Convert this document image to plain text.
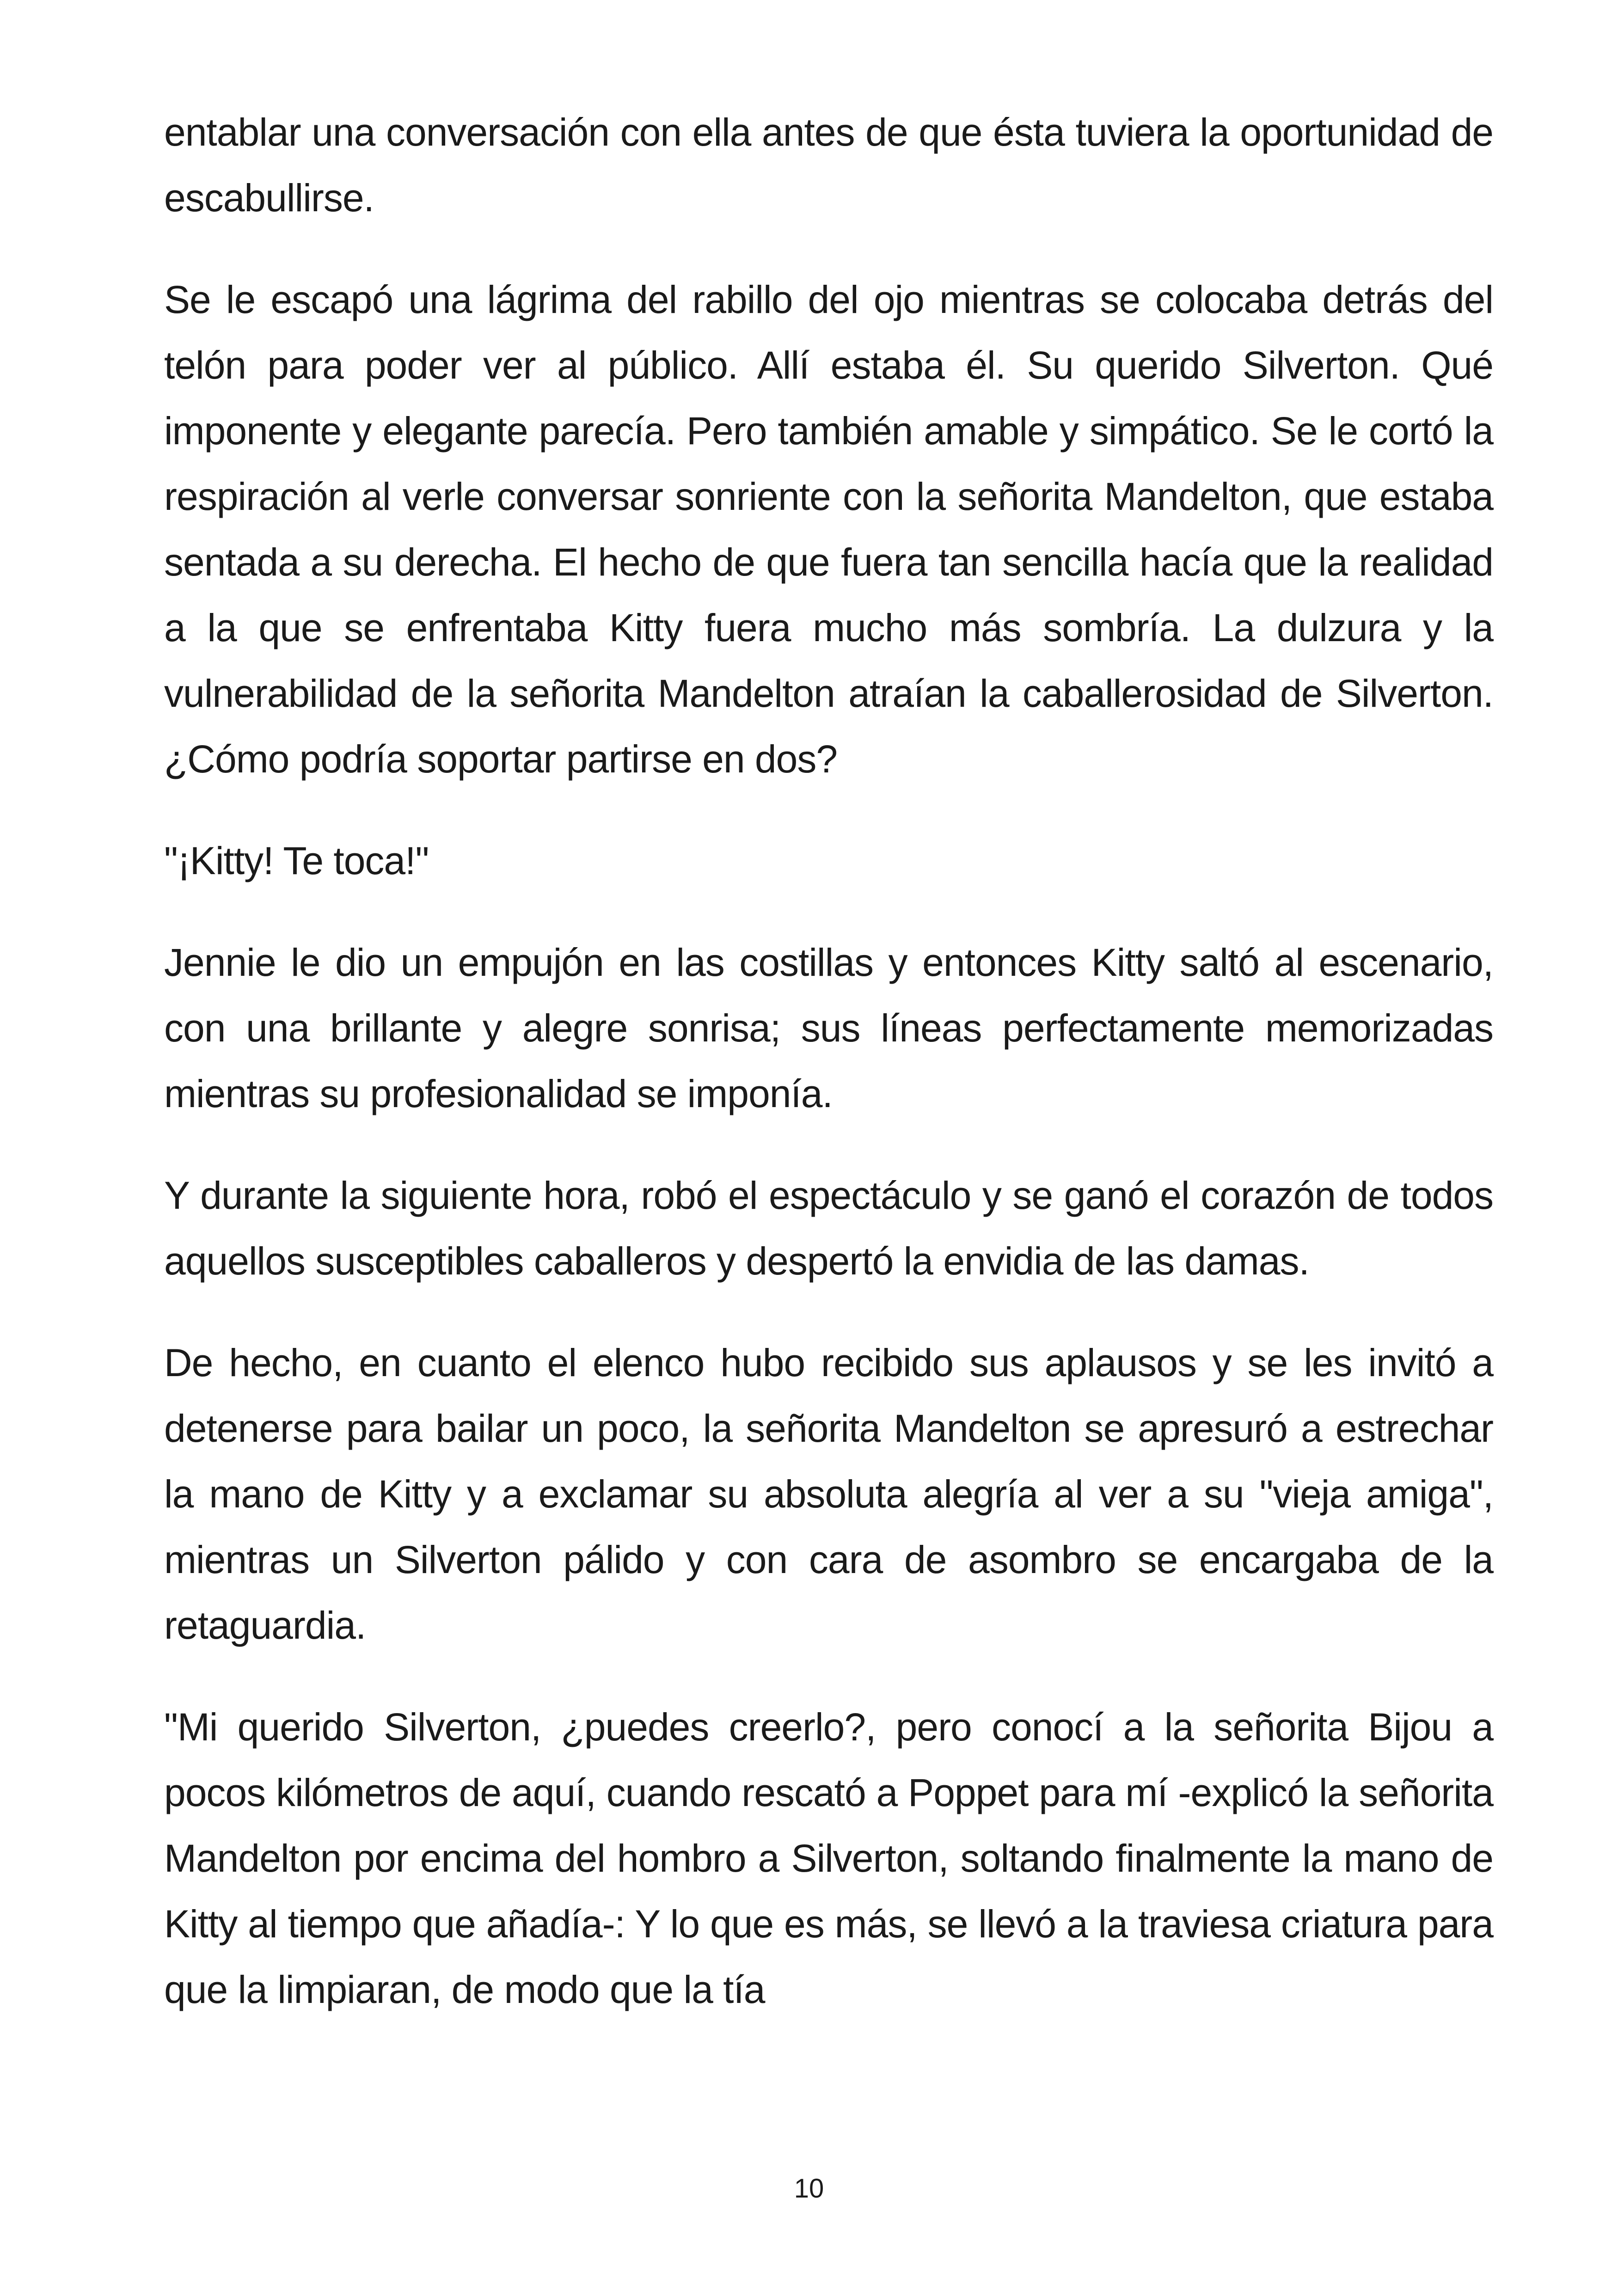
entablar una conversación con ella antes de que ésta tuviera la oportunidad de escabullirse.

Se le escapó una lágrima del rabillo del ojo mientras se colocaba detrás del telón para poder ver al público. Allí estaba él. Su querido Silverton. Qué imponente y elegante parecía. Pero también amable y simpático. Se le cortó la respiración al verle conversar sonriente con la señorita Mandelton, que estaba sentada a su derecha. El hecho de que fuera tan sencilla hacía que la realidad a la que se enfrentaba Kitty fuera mucho más sombría. La dulzura y la vulnerabilidad de la señorita Mandelton atraían la caballerosidad de Silverton. ¿Cómo podría soportar partirse en dos?

"¡Kitty! Te toca!"

Jennie le dio un empujón en las costillas y entonces Kitty saltó al escenario, con una brillante y alegre sonrisa; sus líneas perfectamente memorizadas mientras su profesionalidad se imponía.

Y durante la siguiente hora, robó el espectáculo y se ganó el corazón de todos aquellos susceptibles caballeros y despertó la envidia de las damas.

De hecho, en cuanto el elenco hubo recibido sus aplausos y se les invitó a detenerse para bailar un poco, la señorita Mandelton se apresuró a estrechar la mano de Kitty y a exclamar su absoluta alegría al ver a su "vieja amiga", mientras un Silverton pálido y con cara de asombro se encargaba de la retaguardia.

"Mi querido Silverton, ¿puedes creerlo?, pero conocí a la señorita Bijou a pocos kilómetros de aquí, cuando rescató a Poppet para mí -explicó la señorita Mandelton por encima del hombro a Silverton, soltando finalmente la mano de Kitty al tiempo que añadía-: Y lo que es más, se llevó a la traviesa criatura para que la limpiaran, de modo que la tía

10
